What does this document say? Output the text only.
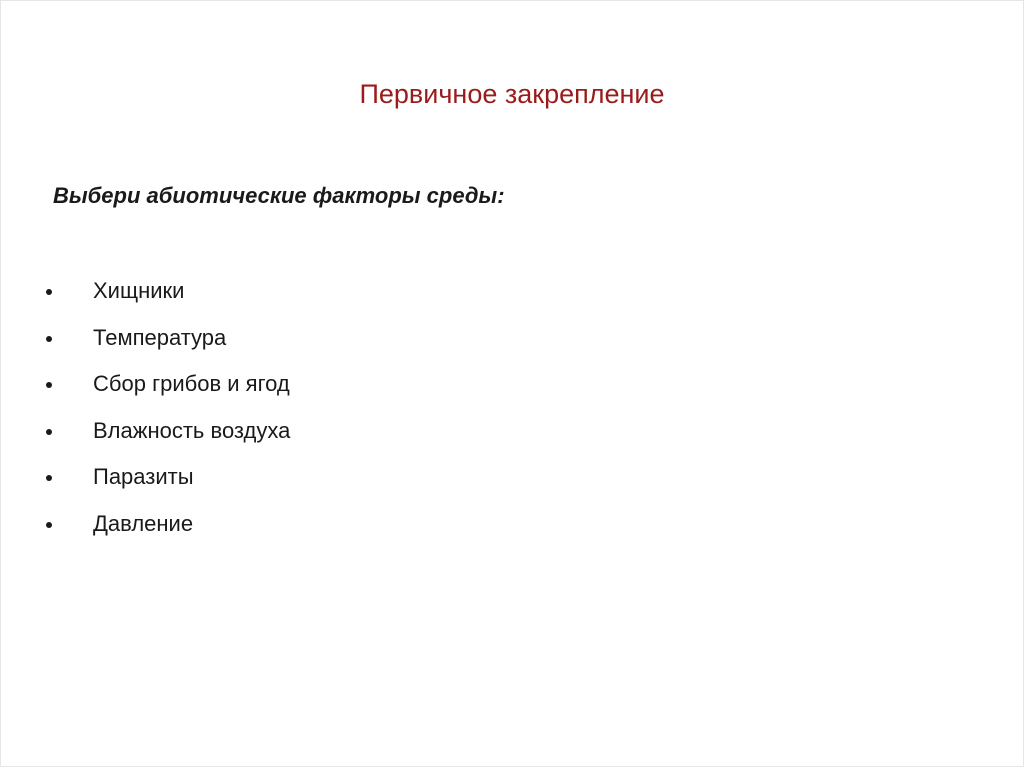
Первичное закрепление
Выбери абиотические факторы среды:
Хищники
Температура
Сбор грибов и ягод
Влажность воздуха
Паразиты
Давление
